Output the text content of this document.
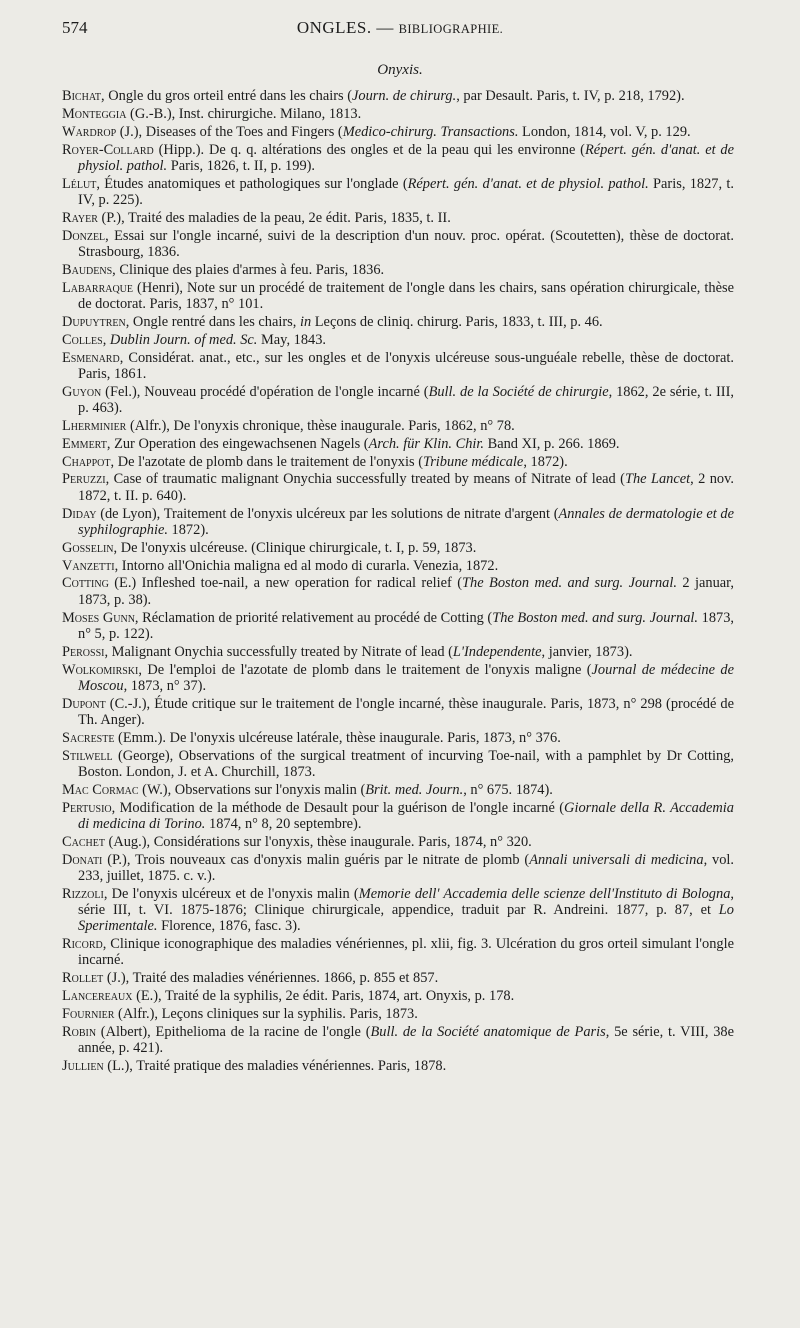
574	ONGLES. — BIBLIOGRAPHIE.
Onyxis.

Bichat, Ongle du gros orteil entré dans les chairs (Journ. de chirurg., par Desault. Paris, t. IV, p. 218, 1792).

Monteggia (G.-B.), Inst. chirurgiche. Milano, 1813.

Wardrop (J.), Diseases of the Toes and Fingers (Medico-chirurg. Transactions. London, 1814, vol. V, p. 129.

Royer-Collard (Hipp.). De q. q. altérations des ongles et de la peau qui les environne (Répert. gén. d'anat. et de physiol. pathol. Paris, 1826, t. II, p. 199).

Lélut, Études anatomiques et pathologiques sur l'onglade (Répert. gén. d'anat. et de physiol. pathol. Paris, 1827, t. IV, p. 225).

Rayer (P.), Traité des maladies de la peau, 2e édit. Paris, 1835, t. II.

Donzel, Essai sur l'ongle incarné, suivi de la description d'un nouv. proc. opérat. (Scoutetten), thèse de doctorat. Strasbourg, 1836.

Baudens, Clinique des plaies d'armes à feu. Paris, 1836.

Labarraque (Henri), Note sur un procédé de traitement de l'ongle dans les chairs, sans opération chirurgicale, thèse de doctorat. Paris, 1837, n° 101.

Dupuytren, Ongle rentré dans les chairs, in Leçons de cliniq. chirurg. Paris, 1833, t. III, p. 46.

Colles, Dublin Journ. of med. Sc. May, 1843.

Esmenard, Considérat. anat., etc., sur les ongles et de l'onyxis ulcéreuse sous-unguéale rebelle, thèse de doctorat. Paris, 1861.

Guyon (Fel.), Nouveau procédé d'opération de l'ongle incarné (Bull. de la Société de chirurgie, 1862, 2e série, t. III, p. 463).

Lherminier (Alfr.), De l'onyxis chronique, thèse inaugurale. Paris, 1862, n° 78.

Emmert, Zur Operation des eingewachsenen Nagels (Arch. für Klin. Chir. Band XI, p. 266. 1869.

Chappot, De l'azotate de plomb dans le traitement de l'onyxis (Tribune médicale, 1872).

Peruzzi, Case of traumatic malignant Onychia successfully treated by means of Nitrate of lead (The Lancet, 2 nov. 1872, t. II. p. 640).

Diday (de Lyon), Traitement de l'onyxis ulcéreux par les solutions de nitrate d'argent (Annales de dermatologie et de syphilographie. 1872).

Gosselin, De l'onyxis ulcéreuse. (Clinique chirurgicale, t. I, p. 59, 1873.

Vanzetti, Intorno all'Onichia maligna ed al modo di curarla. Venezia, 1872.

Cotting (E.) Infleshed toe-nail, a new operation for radical relief (The Boston med. and surg. Journal. 2 januar, 1873, p. 38).

Moses Gunn, Réclamation de priorité relativement au procédé de Cotting (The Boston med. and surg. Journal. 1873, n° 5, p. 122).

Perossi, Malignant Onychia successfully treated by Nitrate of lead (L'Independente, janvier, 1873).

Wolkomirski, De l'emploi de l'azotate de plomb dans le traitement de l'onyxis maligne (Journal de médecine de Moscou, 1873, n° 37).

Dupont (C.-J.), Étude critique sur le traitement de l'ongle incarné, thèse inaugurale. Paris, 1873, n° 298 (procédé de Th. Anger).

Sacreste (Emm.). De l'onyxis ulcéreuse latérale, thèse inaugurale. Paris, 1873, n° 376.

Stilwell (George), Observations of the surgical treatment of incurving Toe-nail, with a pamphlet by Dr Cotting, Boston. London, J. et A. Churchill, 1873.

Mac Cormac (W.), Observations sur l'onyxis malin (Brit. med. Journ., n° 675. 1874).

Pertusio, Modification de la méthode de Desault pour la guérison de l'ongle incarné (Giornale della R. Accademia di medicina di Torino. 1874, n° 8, 20 septembre).

Cachet (Aug.), Considérations sur l'onyxis, thèse inaugurale. Paris, 1874, n° 320.

Donati (P.), Trois nouveaux cas d'onyxis malin guéris par le nitrate de plomb (Annali universali di medicina, vol. 233, juillet, 1875. c. v.).

Rizzoli, De l'onyxis ulcéreux et de l'onyxis malin (Memorie dell' Accademia delle scienze dell'Instituto di Bologna, série III, t. VI. 1875-1876; Clinique chirurgicale, appendice, traduit par R. Andreini. 1877, p. 87, et Lo Sperimentale. Florence, 1876, fasc. 3).

Ricord, Clinique iconographique des maladies vénériennes, pl. xlii, fig. 3. Ulcération du gros orteil simulant l'ongle incarné.

Rollet (J.), Traité des maladies vénériennes. 1866, p. 855 et 857.

Lancereaux (E.), Traité de la syphilis, 2e édit. Paris, 1874, art. Onyxis, p. 178.

Fournier (Alfr.), Leçons cliniques sur la syphilis. Paris, 1873.

Robin (Albert), Epithelioma de la racine de l'ongle (Bull. de la Société anatomique de Paris, 5e série, t. VIII, 38e année, p. 421).

Jullien (L.), Traité pratique des maladies vénériennes. Paris, 1878.
